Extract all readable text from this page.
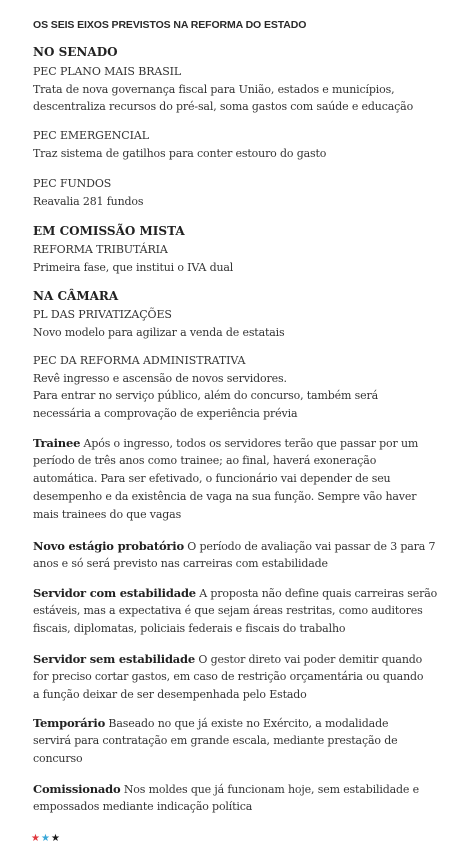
OS SEIS EIXOS PREVISTOS NA REFORMA DO ESTADO
NO SENADO
PEC PLANO MAIS BRASIL
Trata de nova governança fiscal para União, estados e municípios,
descentraliza recursos do pré-sal, soma gastos com saúde e educação
PEC EMERGENCIAL
Traz sistema de gatilhos para conter estouro do gasto
PEC FUNDOS
Reavalia 281 fundos
EM COMISSÃO MISTA
REFORMA TRIBUTÁRIA
Primeira fase, que institui o IVA dual
NA CÂMARA
PL DAS PRIVATIZAÇÕES
Novo modelo para agilizar a venda de estatais
PEC DA REFORMA ADMINISTRATIVA
Revê ingresso e ascensão de novos servidores.
Para entrar no serviço público, além do concurso, também será
necessária a comprovação de experiência prévia
Trainee Após o ingresso, todos os servidores terão que passar por um
período de três anos como trainee; ao final, haverá exoneração
automática. Para ser efetivado, o funcionário vai depender de seu
desempenho e da existência de vaga na sua função. Sempre vão haver
mais trainees do que vagas
Novo estágio probatório O período de avaliação vai passar de 3 para 7
anos e só será previsto nas carreiras com estabilidade
Servidor com estabilidade A proposta não define quais carreiras serão
estáveis, mas a expectativa é que sejam áreas restritas, como auditores
fiscais, diplomatas, policiais federais e fiscais do trabalho
Servidor sem estabilidade O gestor direto vai poder demitir quando
for preciso cortar gastos, em caso de restrição orçamentária ou quando
a função deixar de ser desempenhada pelo Estado
Temporário Baseado no que já existe no Exército, a modalidade
servirá para contratação em grande escala, mediante prestação de
concurso
Comissionado Nos moldes que já funcionam hoje, sem estabilidade e
empossados mediante indicação política
★★★
